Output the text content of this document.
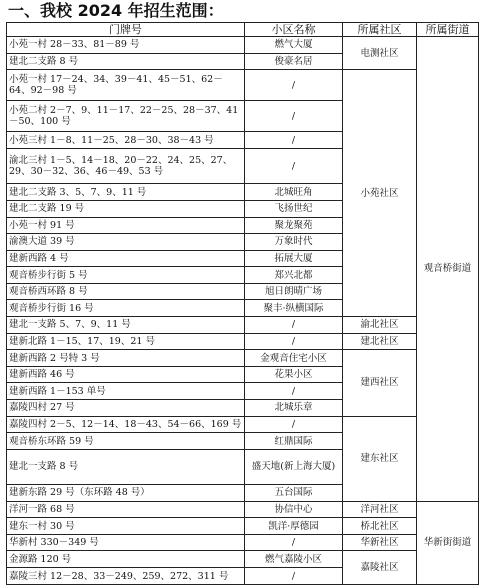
一、我校 2024 年招生范围：
门牌号	小区名称	所属社区	所属街道
小苑一村 28－33、81－89 号	燃气大厦	电测社区	观音桥街道
建北二支路 8 号	俊豪名居		
小苑一村 17－24、34、39－41、45－51、62－64、92－98 号	/	小苑社区	
小苑二村 2－7、9、11－17、22－25、28－37、41－50、100 号	/		
小苑三村 1－8、11－25、28－30、38－43 号	/		
渝北三村 1－5、14－18、20－22、24、25、27、29、30－32、36、46－49、53 号	/		
建北二支路 3、5、7、9、11 号	北城旺角		
建北二支路 19 号	飞扬世纪		
小苑一村 91 号	聚龙聚苑		
渝澳大道 39 号	万象时代		
建新西路 4 号	拓展大厦		
观音桥步行街 5 号	郑兴北都		
观音桥西环路 8 号	旭日朗晴广场		
观音桥步行街 16 号	聚丰·纵横国际		
建北一支路 5、7、9、11 号	/	渝北社区	
建新北路 1－15、17、19、21 号	/	建北社区	
建新西路 2 号特 3 号	金观音住宅小区	建西社区	
建新西路 46 号	花果小区		
建新西路 1－153 单号	/		
嘉陵四村 27 号	北城乐章		
嘉陵四村 2－5、12－14、18－43、54－66、169 号	/	建东社区	
观音桥东环路 59 号	红鼎国际		
建北一支路 8 号	盛天地(新上海大厦)		
建新东路 29 号（东环路 48 号）	五台国际		
洋河一路 68 号	协信中心	洋河社区	华新街街道
建东一村 30 号	凯洋·厚德园	桥北社区	
华新村 330－349 号	/	华新社区	
金源路 120 号	燃气嘉陵小区	嘉陵社区	
嘉陵三村 12－28、33－249、259、272、311 号	/		
